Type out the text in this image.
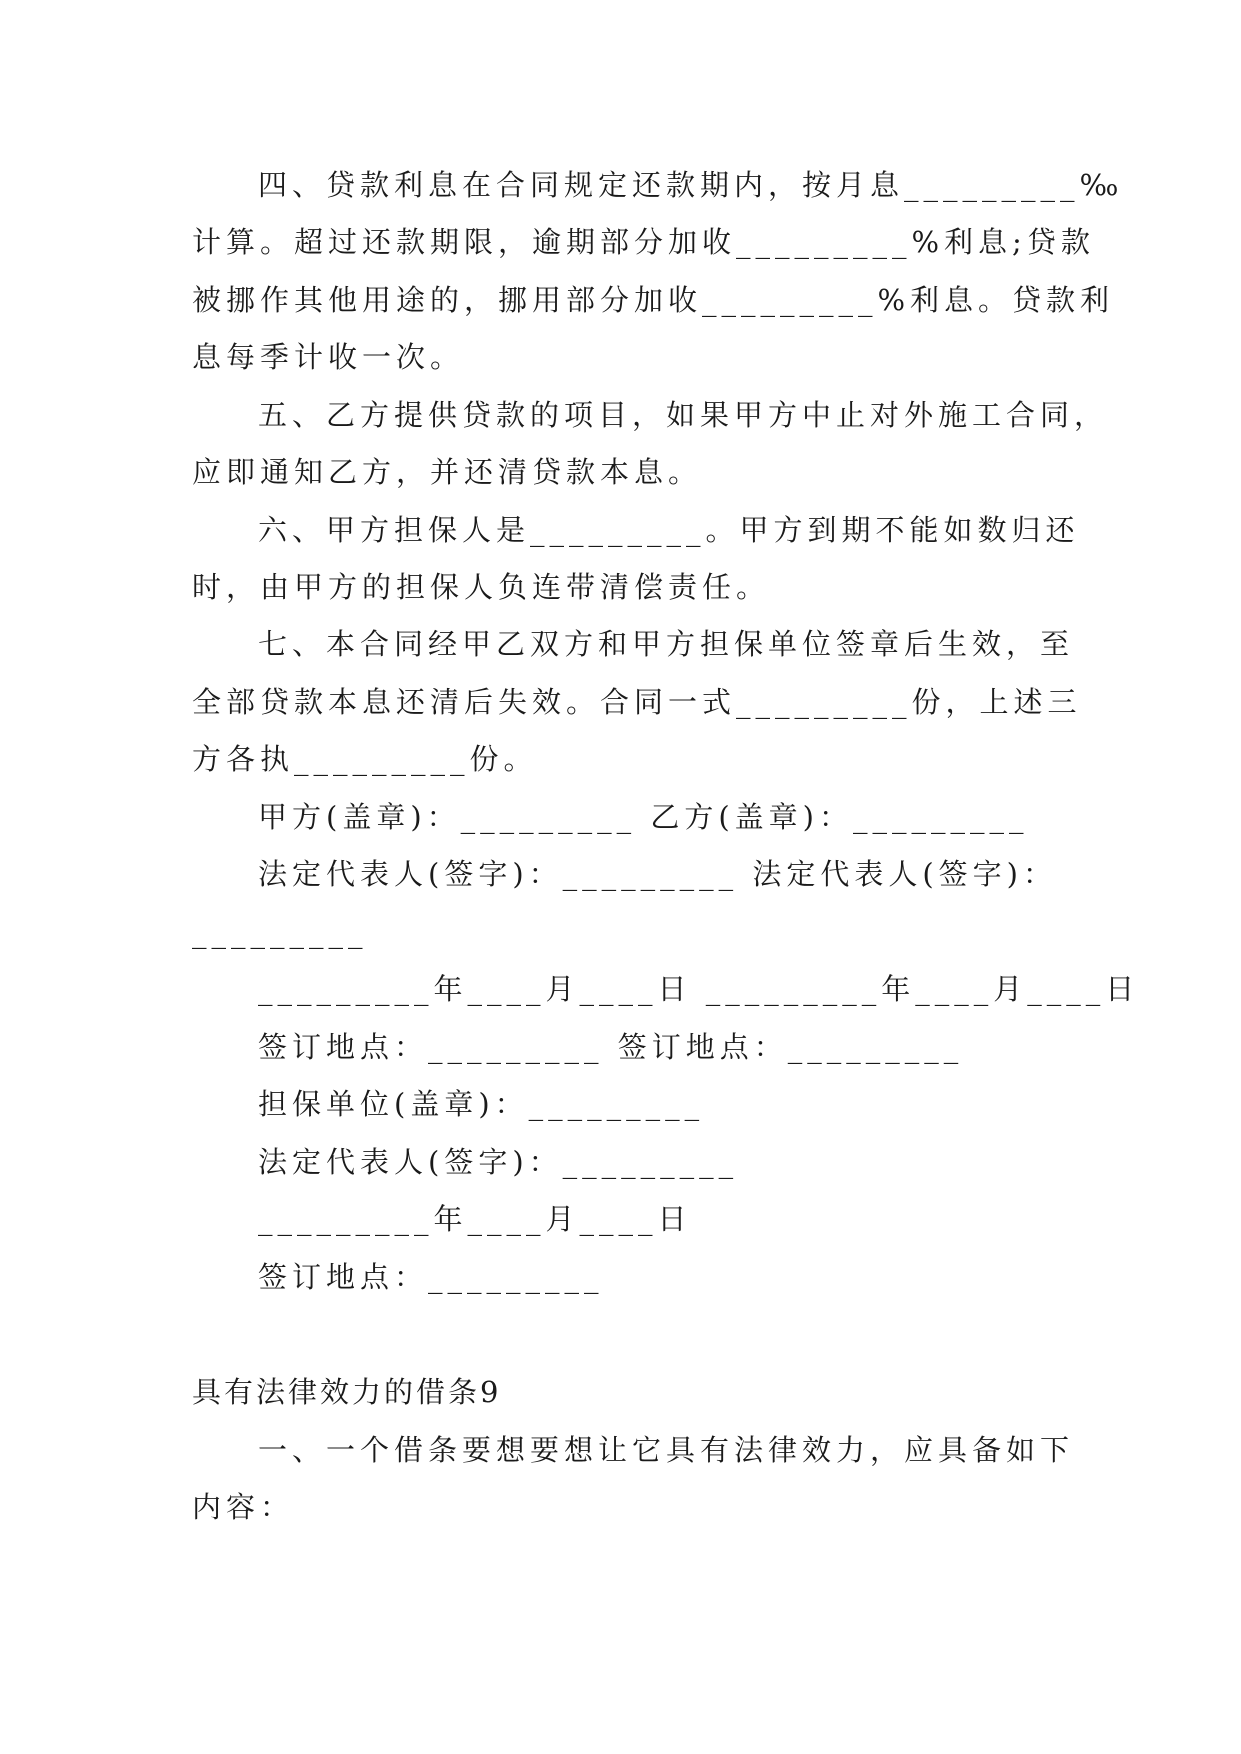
四、贷款利息在合同规定还款期内，按月息_________‰
计算。超过还款期限，逾期部分加收_________%利息;贷款
被挪作其他用途的，挪用部分加收_________%利息。贷款利
息每季计收一次。
五、乙方提供贷款的项目，如果甲方中止对外施工合同，
应即通知乙方，并还清贷款本息。
六、甲方担保人是_________。甲方到期不能如数归还
时，由甲方的担保人负连带清偿责任。
七、本合同经甲乙双方和甲方担保单位签章后生效，至
全部贷款本息还清后失效。合同一式_________份，上述三
方各执_________份。
甲方(盖章)：_________ 乙方(盖章)：_________
法定代表人(签字)：_________ 法定代表人(签字)：
_________
_________年____月____日 _________年____月____日
签订地点：_________ 签订地点：_________
担保单位(盖章)：_________
法定代表人(签字)：_________
_________年____月____日
签订地点：_________
具有法律效力的借条9
一、一个借条要想要想让它具有法律效力，应具备如下
内容：
